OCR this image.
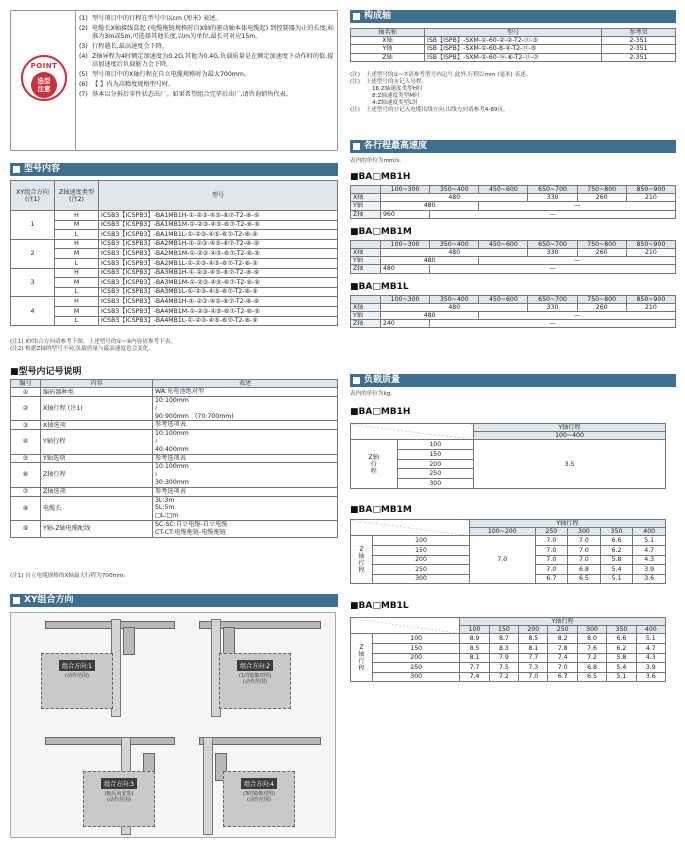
POINT
选型
注意
(1) 型号项目中的行程在型号中以cm (厘米) 表述。
(2) 电缆长X轴接线盒起 (电缆拖链规格时自X轴的驱动轴本体电缆起) 到控制器为止的长度,标准为3m或5m,可选择其他长度,以m为单位,最长可对应15m。
(3) 行程越长,最高速度会下降。
(4) Z轴导程为4时额定加速度为0.2G,其他为0.4G,负载质量是在额定加速度下动作时的值,提高加速度后负载能力会下降。
(5) 型号项目中的X轴行程在自立电缆规格时为最大700mm。
(6) 【 】内为高精度规格型号时。
(7) 基本以分拆后零件状态出厂。如果希望组合完毕后出厂,请咨询销售代表。
型号内容
XY组合方向(注1)	Z轴速度类型(注2)	型号
1	H	ICSB3【ICSPB3】-BA1MB1H-①-②③-④⑤-⑥⑦-T2-⑧-⑨
	M	ICSB3【ICSPB3】-BA1MB1M-①-②③-④⑤-⑥⑦-T2-⑧-⑨
	L	ICSB3【ICSPB3】-BA1MB1L-①-②③-④⑤-⑥⑦-T2-⑧-⑨
2	H	ICSB3【ICSPB3】-BA2MB1H-①-②③-④⑤-⑥⑦-T2-⑧-⑨
	M	ICSB3【ICSPB3】-BA2MB1M-①-②③-④⑤-⑥⑦-T2-⑧-⑨
	L	ICSB3【ICSPB3】-BA2MB1L-①-②③-④⑤-⑥⑦-T2-⑧-⑨
3	H	ICSB3【ICSPB3】-BA3MB1H-①-②③-④⑤-⑥⑦-T2-⑧-⑨
	M	ICSB3【ICSPB3】-BA3MB1M-①-②③-④⑤-⑥⑦-T2-⑧-⑨
	L	ICSB3【ICSPB3】-BA3MB1L-①-②③-④⑤-⑥⑦-T2-⑧-⑨
4	H	ICSB3【ICSPB3】-BA4MB1H-①-②③-④⑤-⑥⑦-T2-⑧-⑨
	M	ICSB3【ICSPB3】-BA4MB1M-①-②③-④⑤-⑥⑦-T2-⑧-⑨
	L	ICSB3【ICSPB3】-BA4MB1L-①-②③-④⑤-⑥⑦-T2-⑧-⑨
(注1) XY组合方向请参考下图。上述型号的①~⑨内容请参考下表。
(注2) 根据Z轴的型号不同,负载质量与最高速度也会变化。
■型号内记号说明
编号	内容	表述
①	编码器种类	WA:免电池绝对型

②	X轴行程 (注1)	10:100mm
≀
90:900mm　(70:700mm)

③	X轴选项	参考选项表

④	Y轴行程	10:100mm
≀
40:400mm

⑤	Y轴选项	参考选项表

⑥	Z轴行程	10:100mm
≀
30:300mm

⑦	Z轴选项	参考选项表

⑧	电缆长	3L:3m
5L:5m
□L:□m

⑨	Y轴-Z轴电缆配线	SC-SC:自立电缆-自立电缆
CT-CT:电缆拖链-电缆拖链
(注1) 自立电缆规格的X轴最大行程为700mm。
XY组合方向
组合方向:1
(动作范围)
组合方向:2
(1的镜像对照)
(动作范围)
组合方向:3
(轴反向安装)
(动作范围)
组合方向:4
(3的镜像对照)
(动作范围)
构成轴
轴名称	型号	参考页
X轴	ISB【ISPB】-SXM-①-60-②-②-T2-⑪-③	2-351
Y轴	ISB【ISPB】-SXM-①-60-8-④-T2-⑪-⑤	2-351
Z轴	ISB【ISPB】-SXM-①-60-⑯-⑥-T2-⑪-⑦	2-351
(注)　上述型号的①~⑦请参考型号内记号,此外,行程以mm (毫米) 表述。
(注)　上述型号的⑯记入导程。
16:Z轴速度类型H时
8:Z轴速度类型M时
4:Z轴速度类型L时
(注)　上述型号的⑪记入电缆出线方向,出线方向请参考4-89页。
各行程最高速度
表内的单位为mm/s。
■BA□MB1H
	100~300	350~400	450~600	650~700	750~800	850~900
X轴	480			330	260	210
Y轴	480		—			
Z轴	960	—				
■BA□MB1M
	100~300	350~400	450~600	650~700	750~800	850~900
X轴	480			330	260	210
Y轴	480		—			
Z轴	480	—				
■BA□MB1L
	100~300	350~400	450~600	650~700	750~800	850~900
X轴	480			330	260	210
Y轴	480		—			
Z轴	240	—				
负载质量
表内的单位为kg。
■BA□MB1H
	Y轴行程
100~400

Z轴行程	
100
150
200
250
300
	3.5
■BA□MB1M
		Y轴行程				
		100~200	250	300	350	400
Z轴行程	100	7.0	7.0	7.0	6.6	5.1
	150		7.0	7.0	6.2	4.7
	200		7.0	7.0	5.8	4.3
	250		7.0	6.8	5.4	3.9
	300		6.7	6.5	5.1	3.6
■BA□MB1L
		Y轴行程						
		100	150	200	250	300	350	400
Z轴行程	100	8.9	8.7	8.5	8.2	8.0	6.6	5.1
	150	8.5	8.3	8.1	7.8	7.6	6.2	4.7
	200	8.1	7.9	7.7	7.4	7.2	5.8	4.3
	250	7.7	7.5	7.3	7.0	6.8	5.4	3.9
	300	7.4	7.2	7.0	6.7	6.5	5.1	3.6
